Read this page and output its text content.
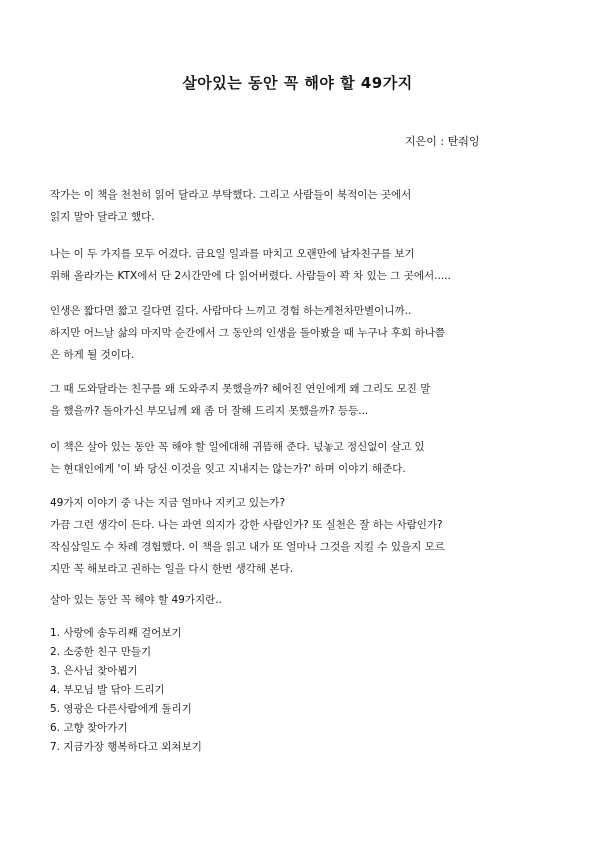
살아있는 동안 꼭 해야 할 49가지
지은이 : 탄줘잉
작가는 이 책을 천천히 읽어 달라고 부탁했다. 그리고 사람들이 북적이는 곳에서
읽지 말아 달라고 했다.
나는 이 두 가지를 모두 어겼다. 금요일 일과를 마치고 오랜만에 남자친구를 보기
위해 올라가는 KTX에서 단 2시간만에 다 읽어버렸다. 사람들이 꽉 차 있는 그 곳에서.....
인생은 짧다면 짧고 길다면 길다. 사람마다 느끼고 경험 하는게천차만별이니까..
하지만 어느날 삶의 마지막 순간에서 그 동안의 인생을 돌아봤을 때 누구나 후회 하나쯤
은 하게 될 것이다.
그 때 도와달라는 친구를 왜 도와주지 못했을까? 헤어진 연인에게 왜 그리도 모진 말
을 했을까? 돌아가신 부모님께 왜 좀 더 잘해 드리지 못했을까? 등등...
이 책은 살아 있는 동안 꼭 해야 할 일에대해 귀뜸해 준다. 넋놓고 정신없이 살고 있
는 현대인에게 '이 봐 당신 이것을 잊고 지내지는 않는가?' 하며 이야기 해준다.
49가지 이야기 중 나는 지금 얼마나 지키고 있는가?
가끔 그런 생각이 든다. 나는 과연 의지가 강한 사람인가? 또 실천은 잘 하는 사람인가?
작심삼일도 수 차례 경험했다. 이 책을 읽고 내가 또 얼마나 그것을 지킬 수 있을지 모르
지만 꼭 해보라고 권하는 일을 다시 한번 생각해 본다.
살아 있는 동안 꼭 해야 할 49가지란..
1. 사랑에 송두리째 걸어보기
2. 소중한 친구 만들기
3. 은사님 찾아뵙기
4. 부모님 발 닦아 드리기
5. 영광은 다른사람에게 돌리기
6. 고향 찾아가기
7. 지금가장 행복하다고 외쳐보기
